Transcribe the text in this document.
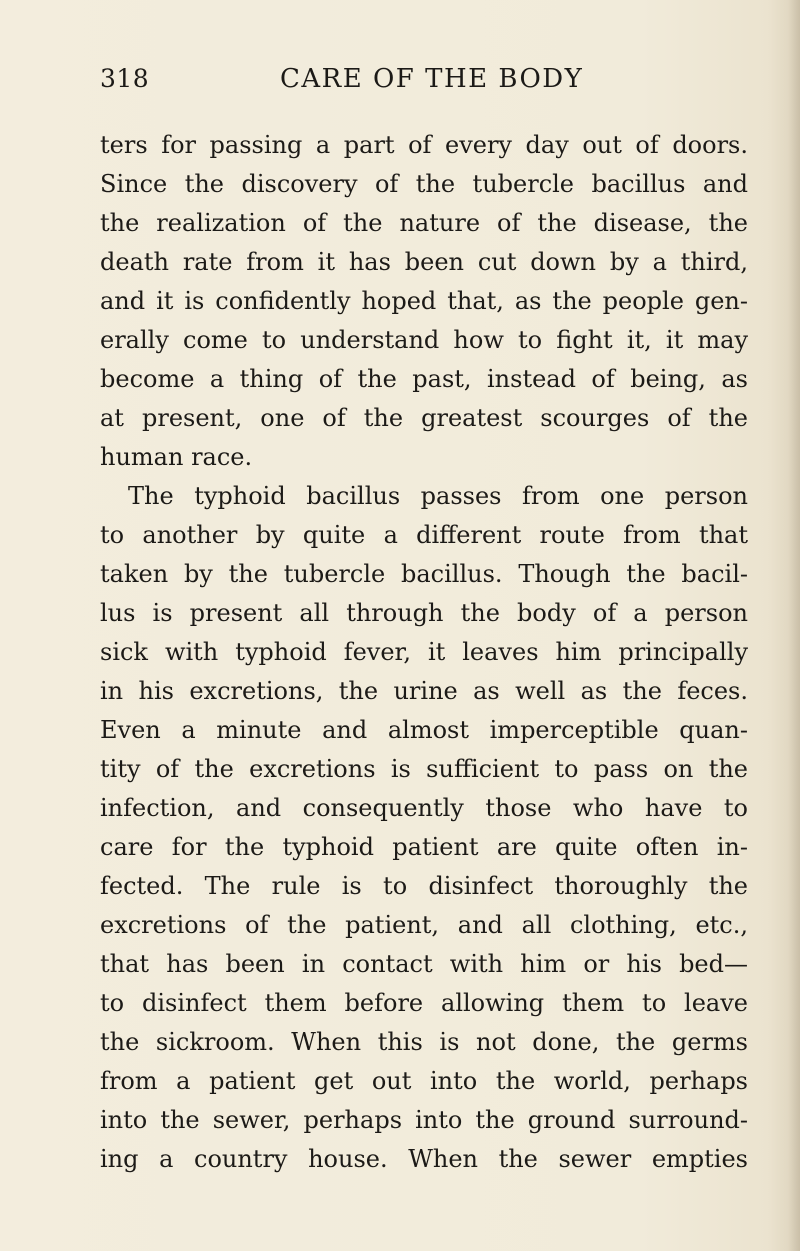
318	CARE OF THE BODY
ters for passing a part of every day out of doors.
Since the discovery of the tubercle bacillus and
the realization of the nature of the disease, the
death rate from it has been cut down by a third,
and it is confidently hoped that, as the people gen-
erally come to understand how to fight it, it may
become a thing of the past, instead of being, as
at present, one of the greatest scourges of the
human race.
The typhoid bacillus passes from one person
to another by quite a different route from that
taken by the tubercle bacillus. Though the bacil-
lus is present all through the body of a person
sick with typhoid fever, it leaves him principally
in his excretions, the urine as well as the feces.
Even a minute and almost imperceptible quan-
tity of the excretions is sufficient to pass on the
infection, and consequently those who have to
care for the typhoid patient are quite often in-
fected. The rule is to disinfect thoroughly the
excretions of the patient, and all clothing, etc.,
that has been in contact with him or his bed—
to disinfect them before allowing them to leave
the sickroom. When this is not done, the germs
from a patient get out into the world, perhaps
into the sewer, perhaps into the ground surround-
ing a country house. When the sewer empties
